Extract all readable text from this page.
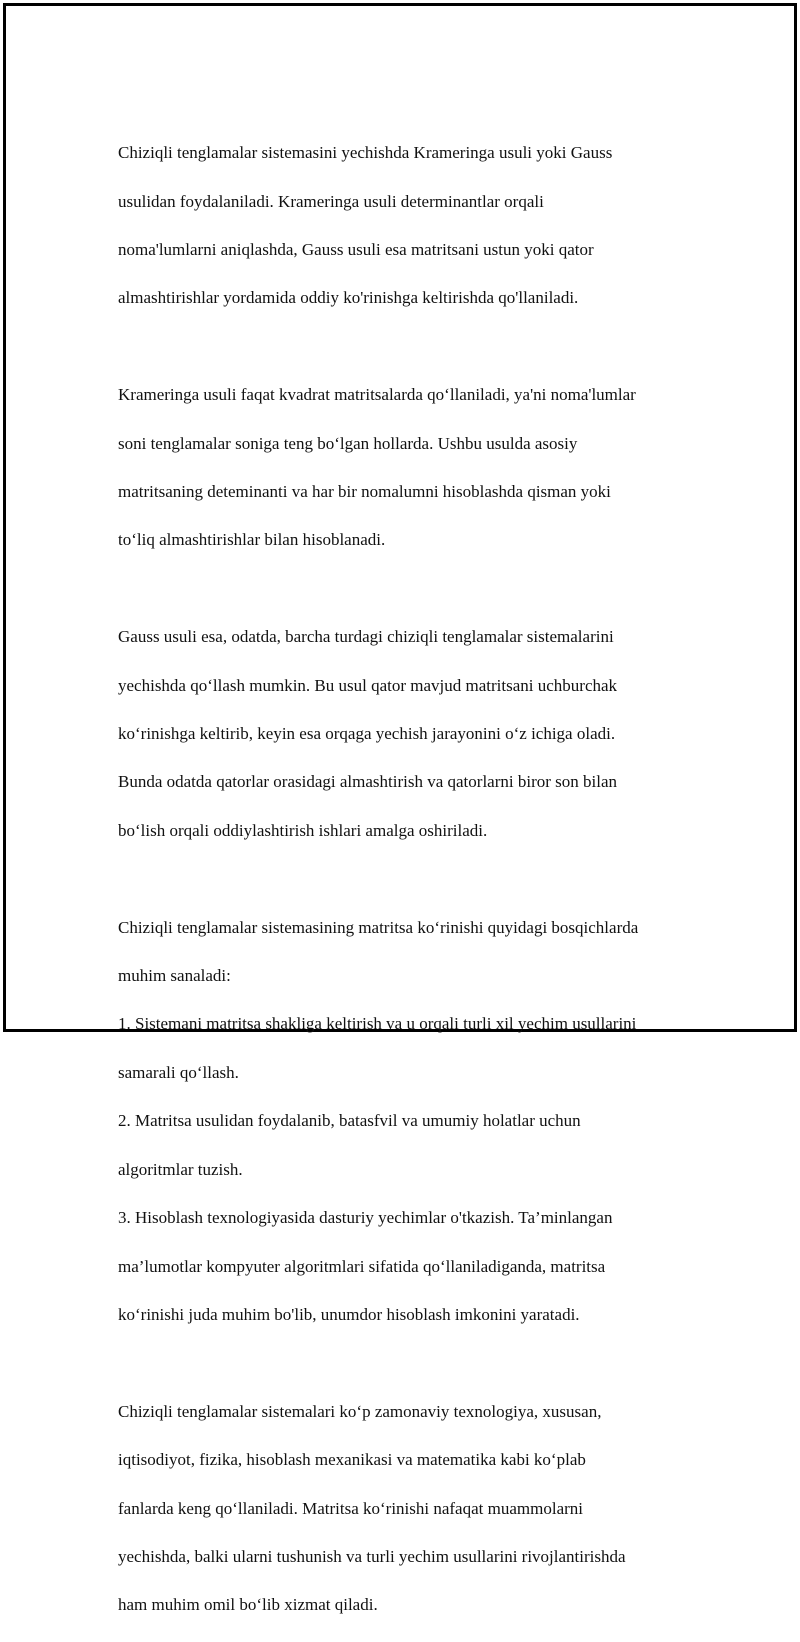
Chiziqli tenglamalar sistemasini yechishda Krameringa usuli yoki Gauss

usulidan foydalaniladi. Krameringa usuli determinantlar orqali

noma'lumlarni aniqlashda, Gauss usuli esa matritsani ustun yoki qator

almashtirishlar yordamida oddiy ko'rinishga keltirishda qo'llaniladi.

Krameringa usuli faqat kvadrat matritsalarda qo‘llaniladi, ya'ni noma'lumlar

soni tenglamalar soniga teng bo‘lgan hollarda. Ushbu usulda asosiy

matritsaning deteminanti va har bir nomalumni hisoblashda qisman yoki

to‘liq almashtirishlar bilan hisoblanadi.

Gauss usuli esa, odatda, barcha turdagi chiziqli tenglamalar sistemalarini

yechishda qo‘llash mumkin. Bu usul qator mavjud matritsani uchburchak

ko‘rinishga keltirib, keyin esa orqaga yechish jarayonini o‘z ichiga oladi.

Bunda odatda qatorlar orasidagi almashtirish va qatorlarni biror son bilan

bo‘lish orqali oddiylashtirish ishlari amalga oshiriladi.

Chiziqli tenglamalar sistemasining matritsa ko‘rinishi quyidagi bosqichlarda

muhim sanaladi:

1. Sistemani matritsa shakliga keltirish va u orqali turli xil yechim usullarini

samarali qo‘llash.

2. Matritsa usulidan foydalanib, batasfvil va umumiy holatlar uchun

algoritmlar tuzish.

3. Hisoblash texnologiyasida dasturiy yechimlar o'tkazish. Ta’minlangan

ma’lumotlar kompyuter algoritmlari sifatida qo‘llaniladiganda, matritsa

ko‘rinishi juda muhim bo'lib, unumdor hisoblash imkonini yaratadi.

Chiziqli tenglamalar sistemalari ko‘p zamonaviy texnologiya, xususan,

iqtisodiyot, fizika, hisoblash mexanikasi va matematika kabi ko‘plab

fanlarda keng qo‘llaniladi. Matritsa ko‘rinishi nafaqat muammolarni

yechishda, balki ularni tushunish va turli yechim usullarini rivojlantirishda

ham muhim omil bo‘lib xizmat qiladi.
